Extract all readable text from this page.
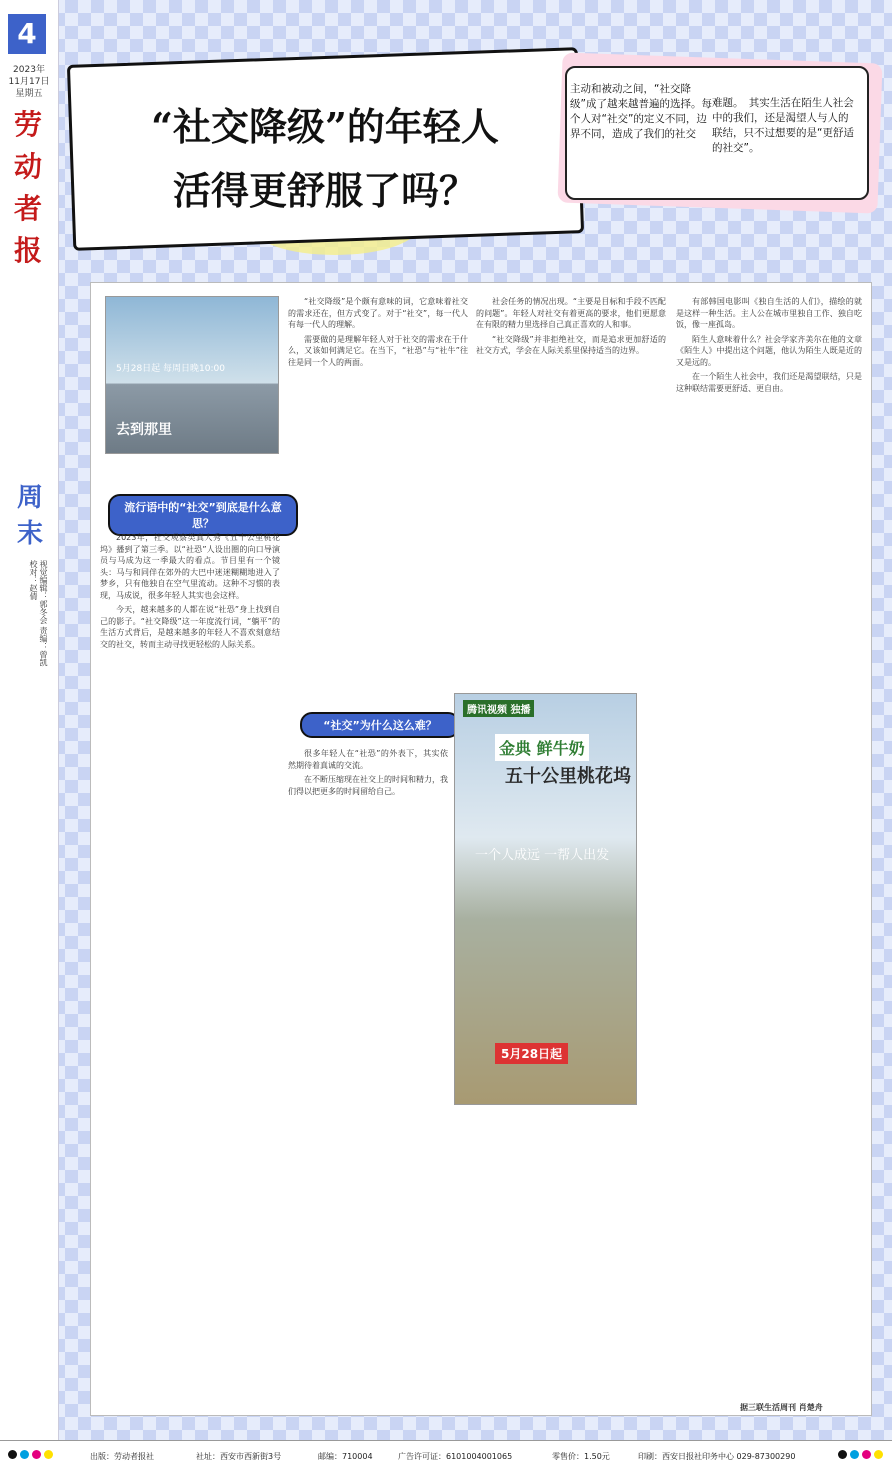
4
2023年
11月17日
星期五
劳动者报
周末
视觉编辑：郭冬会 责编：曾凯 校对：赵倩
“社交降级”的年轻人
活得更舒服了吗？
主动和被动之间，“社交降级”成了越来越普遍的选择。每个人对“社交”的定义不同，边界不同，造成了我们的社交
难题。　其实生活在陌生人社会中的我们，还是渴望人与人的联结，只不过想要的是“更舒适的社交”。
去到那里
5月28日起 每周日晚10:00
流行语中的“社交”到底是什么意思？

2023年，社交观察类真人秀《五十公里桃花坞》播到了第三季。以“社恐”人设出圈的向口导演员与马成为这一季最大的看点。节目里有一个镜头：马与和同伴在郊外的大巴中迷迷糊糊地进入了梦乡，只有他独自在空气里流动。这种不习惯的表现，马成说，很多年轻人其实也会这样。

今天，越来越多的人都在说“社恐”身上找到自己的影子。“社交降级”这一年度流行词，“躺平”的生活方式背后，是越来越多的年轻人不喜欢刻意结交的社交，转而主动寻找更轻松的人际关系。

“社交降级”是个颇有意味的词，它意味着社交的需求还在，但方式变了。对于“社交”，每一代人有每一代人的理解。

需要做的是理解年轻人对于社交的需求在于什么，又该如何满足它。在当下，“社恐”与“社牛”往往是同一个人的两面。

“社交”为什么这么难？

很多年轻人在“社恐”的外表下，其实依然期待着真诚的交流。

在不断压缩现在社交上的时间和精力，我们得以把更多的时间留给自己。

社会任务的情况出现。“主要是目标和手段不匹配的问题”。年轻人对社交有着更高的要求，他们更愿意在有限的精力里选择自己真正喜欢的人和事。

“社交降级”并非拒绝社交，而是追求更加舒适的社交方式，学会在人际关系里保持适当的边界。

腾讯视频 独播
金典 鲜牛奶
五十公里桃花坞
一个人成远 一帮人出发
5月28日起

有部韩国电影叫《独自生活的人们》，描绘的就是这样一种生活。主人公在城市里独自工作、独自吃饭，像一座孤岛。

陌生人意味着什么？社会学家齐美尔在他的文章《陌生人》中提出这个问题，他认为陌生人既是近的又是远的。

在一个陌生人社会中，我们还是渴望联结，只是这种联结需要更舒适、更自由。

据三联生活周刊 肖楚舟
出版：劳动者报社	社址：西安市西新街3号	邮编：710004	广告许可证：6101004001065	零售价：1.50元	印刷：西安日报社印务中心 029-87300290
